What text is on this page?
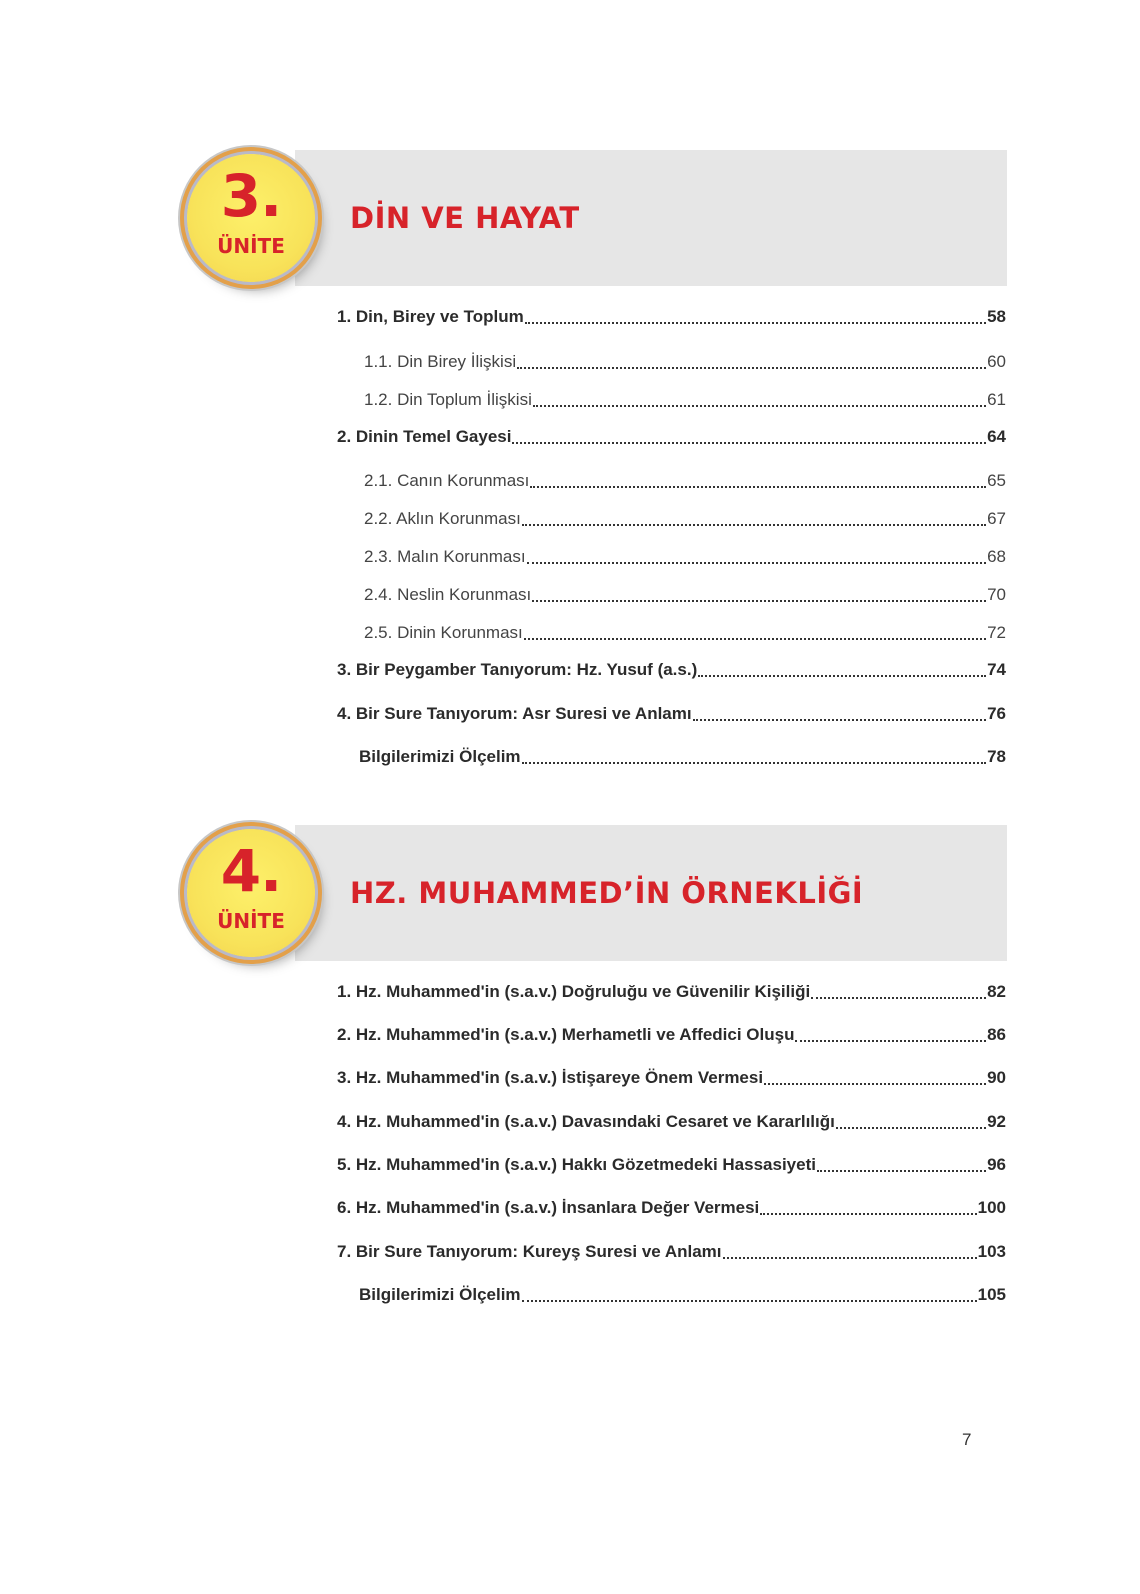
3.
ÜNİTE
DİN VE HAYAT
1. Din, Birey ve Toplum	58
1.1. Din Birey İlişkisi	60
1.2. Din Toplum İlişkisi	61
2. Dinin Temel Gayesi	64
2.1. Canın Korunması	65
2.2. Aklın Korunması	67
2.3. Malın Korunması	68
2.4. Neslin Korunması	70
2.5. Dinin Korunması	72
3. Bir Peygamber Tanıyorum: Hz. Yusuf (a.s.)	74
4. Bir Sure Tanıyorum: Asr Suresi ve Anlamı	76
Bilgilerimizi Ölçelim	78
4.
ÜNİTE
HZ. MUHAMMED’İN ÖRNEKLİĞİ
1. Hz. Muhammed'in (s.a.v.) Doğruluğu ve Güvenilir Kişiliği	82
2. Hz. Muhammed'in (s.a.v.) Merhametli ve Affedici Oluşu	86
3. Hz. Muhammed'in (s.a.v.) İstişareye Önem Vermesi	90
4. Hz. Muhammed'in (s.a.v.) Davasındaki Cesaret ve Kararlılığı	92
5. Hz. Muhammed'in (s.a.v.) Hakkı Gözetmedeki Hassasiyeti	96
6. Hz. Muhammed'in (s.a.v.) İnsanlara Değer Vermesi	100
7. Bir Sure Tanıyorum: Kureyş Suresi ve Anlamı	103
Bilgilerimizi Ölçelim	105
7
